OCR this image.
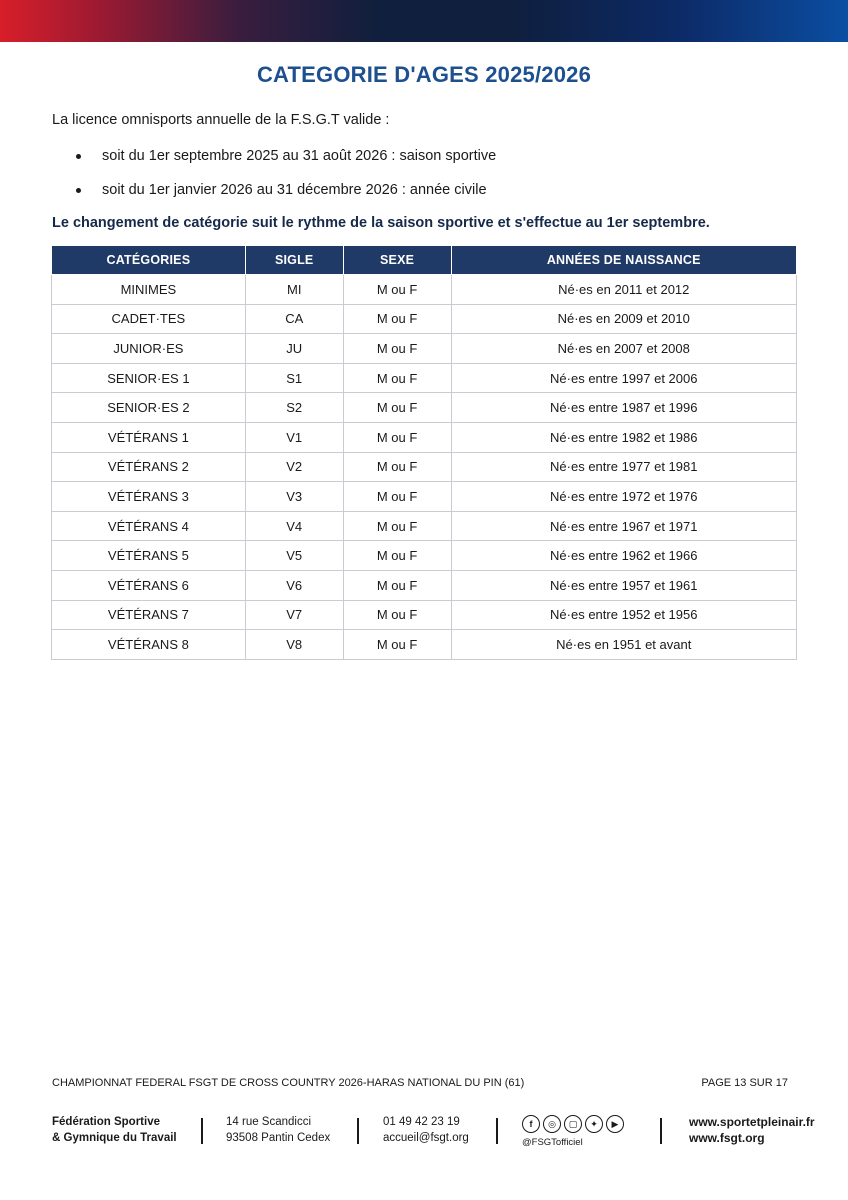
CATEGORIE D'AGES 2025/2026

La licence omnisports annuelle de la F.S.G.T valide :

soit du 1er septembre 2025 au 31 août 2026 : saison sportive
soit du 1er janvier 2026 au 31 décembre 2026 : année civile

Le changement de catégorie suit le rythme de la saison sportive et s'effectue au 1er septembre.

CATÉGORIES	SIGLE	SEXE	ANNÉES DE NAISSANCE
MINIMES	MI	M ou F	Né·es en 2011 et 2012
CADET·TES	CA	M ou F	Né·es en 2009 et 2010
JUNIOR·ES	JU	M ou F	Né·es en 2007 et 2008
SENIOR·ES 1	S1	M ou F	Né·es entre 1997 et 2006
SENIOR·ES 2	S2	M ou F	Né·es entre 1987 et 1996
VÉTÉRANS 1	V1	M ou F	Né·es entre 1982 et 1986
VÉTÉRANS 2	V2	M ou F	Né·es entre 1977 et 1981
VÉTÉRANS 3	V3	M ou F	Né·es entre 1972 et 1976
VÉTÉRANS 4	V4	M ou F	Né·es entre 1967 et 1971
VÉTÉRANS 5	V5	M ou F	Né·es entre 1962 et 1966
VÉTÉRANS 6	V6	M ou F	Né·es entre 1957 et 1961
VÉTÉRANS 7	V7	M ou F	Né·es entre 1952 et 1956
VÉTÉRANS 8	V8	M ou F	Né·es en 1951 et avant
CHAMPIONNAT FEDERAL FSGT DE CROSS COUNTRY 2026-HARAS NATIONAL DU PIN (61)	PAGE 13 SUR 17
Fédération Sportive
& Gymnique du Travail
14 rue Scandicci
93508 Pantin Cedex
01 49 42 23 19
accueil@fsgt.org
f	◎	▢	✦	▶
@FSGTofficiel
www.sportetpleinair.fr
www.fsgt.org
